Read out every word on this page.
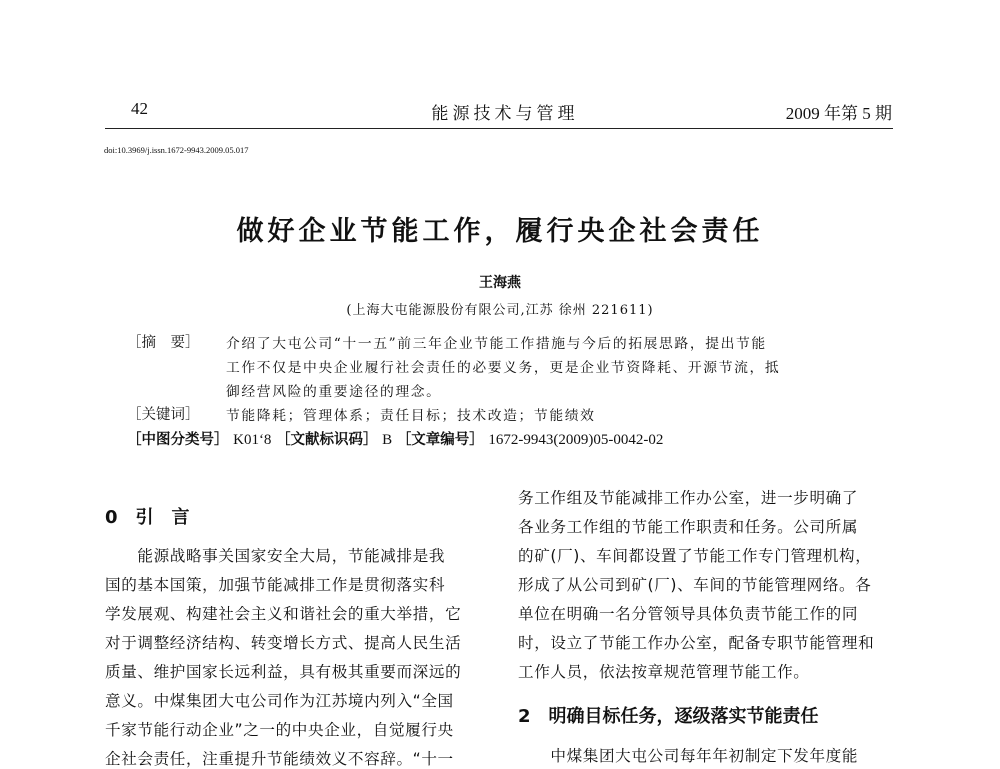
42	能源技术与管理	2009 年第 5 期
doi:10.3969/j.issn.1672-9943.2009.05.017
做好企业节能工作，履行央企社会责任
王海燕
(上海大屯能源股份有限公司,江苏 徐州 221611)
［摘　要］ 介绍了大屯公司“十一五”前三年企业节能工作措施与今后的拓展思路，提出节能
工作不仅是中央企业履行社会责任的必要义务，更是企业节资降耗、开源节流，抵
御经营风险的重要途径的理念。
［关键词］ 节能降耗；管理体系；责任目标；技术改造；节能绩效
［中图分类号］ K01‘8 ［文献标识码］ B ［文章编号］ 1672-9943(2009)05-0042-02
0　引　言
　　能源战略事关国家安全大局，节能减排是我
国的基本国策，加强节能减排工作是贯彻落实科
学发展观、构建社会主义和谐社会的重大举措，它
对于调整经济结构、转变增长方式、提高人民生活
质量、维护国家长远利益，具有极其重要而深远的
意义。中煤集团大屯公司作为江苏境内列入“全国
千家节能行动企业”之一的中央企业，自觉履行央
企社会责任，注重提升节能绩效义不容辞。“十一
务工作组及节能减排工作办公室，进一步明确了
各业务工作组的节能工作职责和任务。公司所属
的矿(厂)、车间都设置了节能工作专门管理机构，
形成了从公司到矿(厂)、车间的节能管理网络。各
单位在明确一名分管领导具体负责节能工作的同
时，设立了节能工作办公室，配备专职节能管理和
工作人员，依法按章规范管理节能工作。
2　明确目标任务，逐级落实节能责任
　　中煤集团大屯公司每年年初制定下发年度能
